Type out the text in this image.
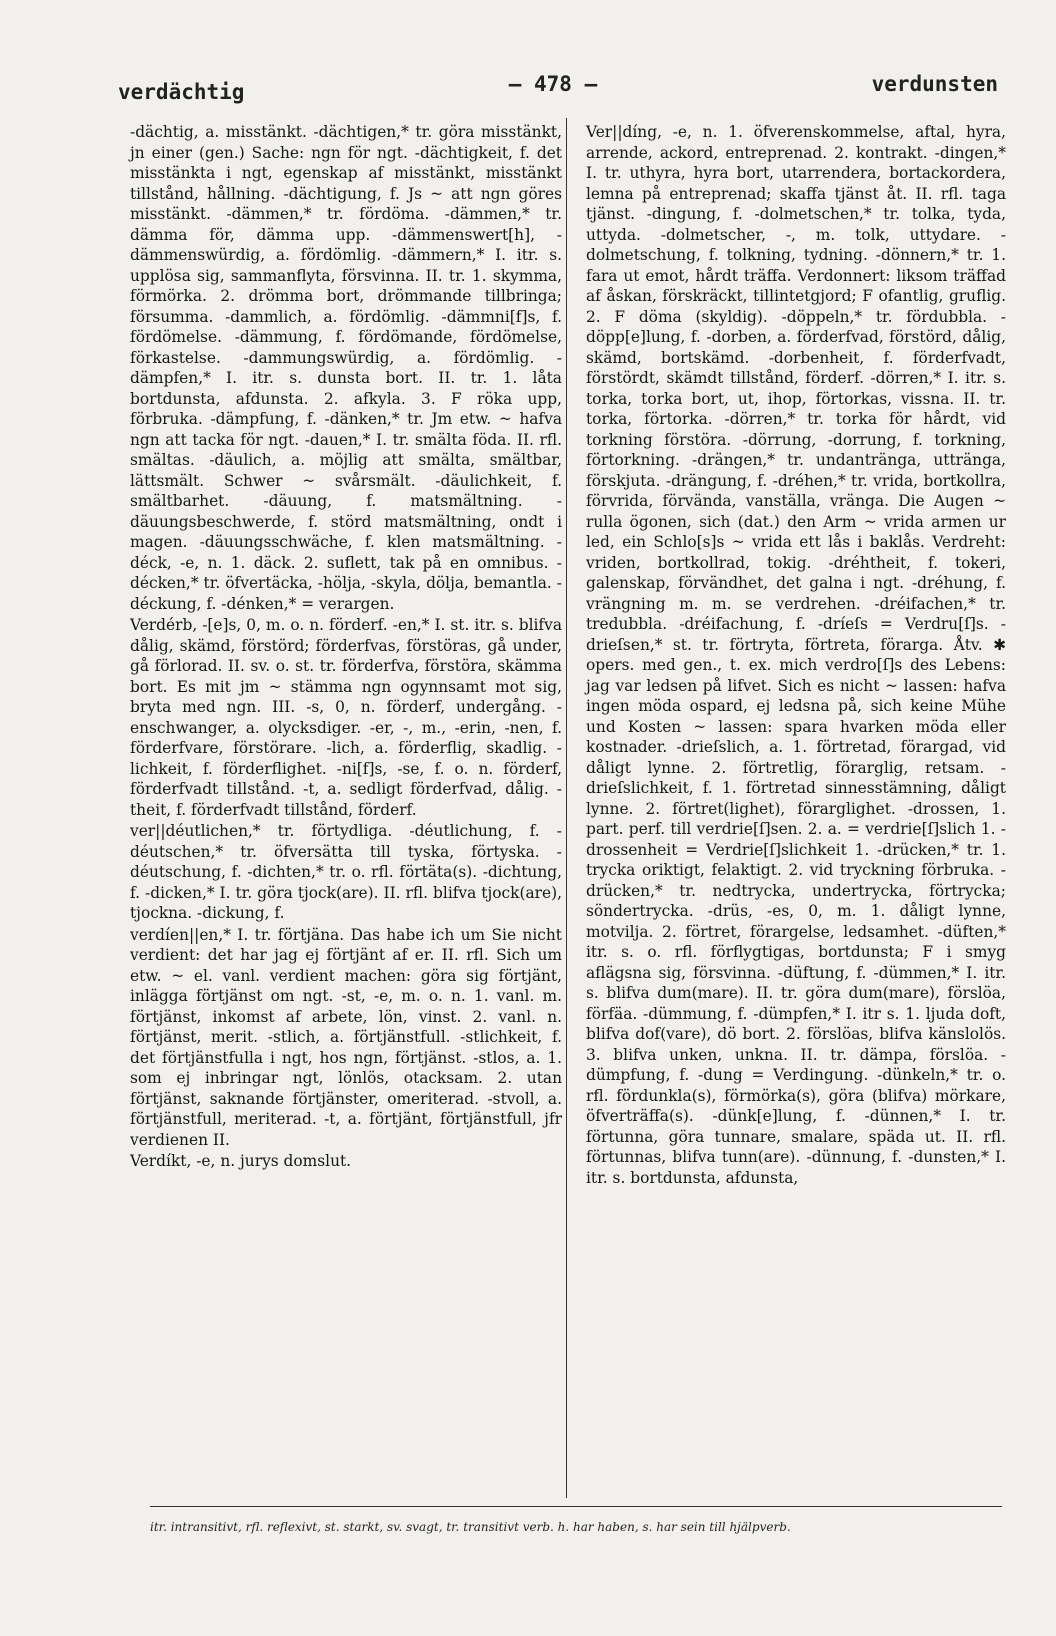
verdächtig	— 478 —	verdunsten

-dächtig, a. misstänkt. -dächtigen,* tr. göra misstänkt, jn einer (gen.) Sache: ngn för ngt. -dächtigkeit, f. det misstänkta i ngt, egenskap af misstänkt, misstänkt tillstånd, hållning. -dächtigung, f. Js ~ att ngn göres misstänkt. -dämmen,* tr. fördöma. -dämmen,* tr. dämma för, dämma upp. -dämmenswert[h], -dämmenswürdig, a. fördömlig. -dämmern,* I. itr. s. upplösa sig, sammanflyta, försvinna. II. tr. 1. skymma, förmörka. 2. drömma bort, drömmande tillbringa; försumma. -dammlich, a. fördömlig. -dämmni[f]s, f. fördömelse. -dämmung, f. fördömande, fördömelse, förkastelse. -dammungswürdig, a. fördömlig. -dämpfen,* I. itr. s. dunsta bort. II. tr. 1. låta bortdunsta, afdunsta. 2. afkyla. 3. F röka upp, förbruka. -dämpfung, f. -dänken,* tr. Jm etw. ~ hafva ngn att tacka för ngt. -dauen,* I. tr. smälta föda. II. rfl. smältas. -däulich, a. möjlig att smälta, smältbar, lättsmält. Schwer ~ svårsmält. -däulichkeit, f. smältbarhet. -däuung, f. matsmältning. -däuungsbeschwerde, f. störd matsmältning, ondt i magen. -däuungsschwäche, f. klen matsmältning. -déck, -e, n. 1. däck. 2. suflett, tak på en omnibus. -décken,* tr. öfvertäcka, -hölja, -skyla, dölja, bemantla. -déckung, f. -dénken,* = verargen.

Verdérb, -[e]s, 0, m. o. n. förderf. -en,* I. st. itr. s. blifva dålig, skämd, förstörd; förderfvas, förstöras, gå under, gå förlorad. II. sv. o. st. tr. förderfva, förstöra, skämma bort. Es mit jm ~ stämma ngn ogynnsamt mot sig, bryta med ngn. III. -s, 0, n. förderf, undergång. -enschwanger, a. olycksdiger. -er, -, m., -erin, -nen, f. förderfvare, förstörare. -lich, a. förderflig, skadlig. -lichkeit, f. förderflighet. -ni[f]s, -se, f. o. n. förderf, förderfvadt tillstånd. -t, a. sedligt förderfvad, dålig. -theit, f. förderfvadt tillstånd, förderf.

ver||déutlichen,* tr. förtydliga. -déutlichung, f. -déutschen,* tr. öfversätta till tyska, förtyska. -déutschung, f. -dichten,* tr. o. rfl. förtäta(s). -dichtung, f. -dicken,* I. tr. göra tjock(are). II. rfl. blifva tjock(are), tjockna. -dickung, f.

verdíen||en,* I. tr. förtjäna. Das habe ich um Sie nicht verdient: det har jag ej förtjänt af er. II. rfl. Sich um etw. ~ el. vanl. verdient machen: göra sig förtjänt, inlägga förtjänst om ngt. -st, -e, m. o. n. 1. vanl. m. förtjänst, inkomst af arbete, lön, vinst. 2. vanl. n. förtjänst, merit. -stlich, a. förtjänstfull. -stlichkeit, f. det förtjänstfulla i ngt, hos ngn, förtjänst. -stlos, a. 1. som ej inbringar ngt, lönlös, otacksam. 2. utan förtjänst, saknande förtjänster, omeriterad. -stvoll, a. förtjänstfull, meriterad. -t, a. förtjänt, förtjänstfull, jfr verdienen II.

Verdíkt, -e, n. jurys domslut.

Ver||díng, -e, n. 1. öfverenskommelse, aftal, hyra, arrende, ackord, entreprenad. 2. kontrakt. -dingen,* I. tr. uthyra, hyra bort, utarrendera, bortackordera, lemna på entreprenad; skaffa tjänst åt. II. rfl. taga tjänst. -dingung, f. -dolmetschen,* tr. tolka, tyda, uttyda. -dolmetscher, -, m. tolk, uttydare. -dolmetschung, f. tolkning, tydning. -dönnern,* tr. 1. fara ut emot, hårdt träffa. Verdonnert: liksom träffad af åskan, förskräckt, tillintetgjord; F ofantlig, gruflig. 2. F döma (skyldig). -döppeln,* tr. fördubbla. -döpp[e]lung, f. -dorben, a. förderfvad, förstörd, dålig, skämd, bortskämd. -dorbenheit, f. förderfvadt, förstördt, skämdt tillstånd, förderf. -dörren,* I. itr. s. torka, torka bort, ut, ihop, förtorkas, vissna. II. tr. torka, förtorka. -dörren,* tr. torka för hårdt, vid torkning förstöra. -dörrung, -dorrung, f. torkning, förtorkning. -drängen,* tr. undantränga, uttränga, förskjuta. -drängung, f. -dréhen,* tr. vrida, bortkollra, förvrida, förvända, vanställa, vränga. Die Augen ~ rulla ögonen, sich (dat.) den Arm ~ vrida armen ur led, ein Schlo[s]s ~ vrida ett lås i baklås. Verdreht: vriden, bortkollrad, tokig. -dréhtheit, f. tokeri, galenskap, förvändhet, det galna i ngt. -dréhung, f. vrängning m. m. se verdrehen. -dréifachen,* tr. tredubbla. -dréifachung, f. -dríeſs = Verdru[ſ]s. -drieſsen,* st. tr. förtryta, förtreta, förarga. Åtv. ✱ opers. med gen., t. ex. mich verdro[ſ]s des Lebens: jag var ledsen på lifvet. Sich es nicht ~ lassen: hafva ingen möda ospard, ej ledsna på, sich keine Mühe und Kosten ~ lassen: spara hvarken möda eller kostnader. -drieſslich, a. 1. förtretad, förargad, vid dåligt lynne. 2. förtretlig, förarglig, retsam. -drieſslichkeit, f. 1. förtretad sinnesstämning, dåligt lynne. 2. förtret(lighet), förarglighet. -drossen, 1. part. perf. till verdrie[ſ]sen. 2. a. = verdrie[ſ]slich 1. -drossenheit = Verdrie[ſ]slichkeit 1. -drücken,* tr. 1. trycka oriktigt, felaktigt. 2. vid tryckning förbruka. -drücken,* tr. nedtrycka, undertrycka, förtrycka; söndertrycka. -drüs, -es, 0, m. 1. dåligt lynne, motvilja. 2. förtret, förargelse, ledsamhet. -düften,* itr. s. o. rfl. förflygtigas, bortdunsta; F i smyg aflägsna sig, försvinna. -düftung, f. -dümmen,* I. itr. s. blifva dum(mare). II. tr. göra dum(mare), förslöa, förfäa. -dümmung, f. -dümpfen,* I. itr s. 1. ljuda doft, blifva dof(vare), dö bort. 2. förslöas, blifva känslolös. 3. blifva unken, unkna. II. tr. dämpa, förslöa. -dümpfung, f. -dung = Verdingung. -dünkeln,* tr. o. rfl. fördunkla(s), förmörka(s), göra (blifva) mörkare, öfverträffa(s). -dünk[e]lung, f. -dünnen,* I. tr. förtunna, göra tunnare, smalare, späda ut. II. rfl. förtunnas, blifva tunn(are). -dünnung, f. -dunsten,* I. itr. s. bortdunsta, afdunsta,

itr. intransitivt, rfl. reflexivt, st. starkt, sv. svagt, tr. transitivt verb. h. har haben, s. har sein till hjälpverb.
